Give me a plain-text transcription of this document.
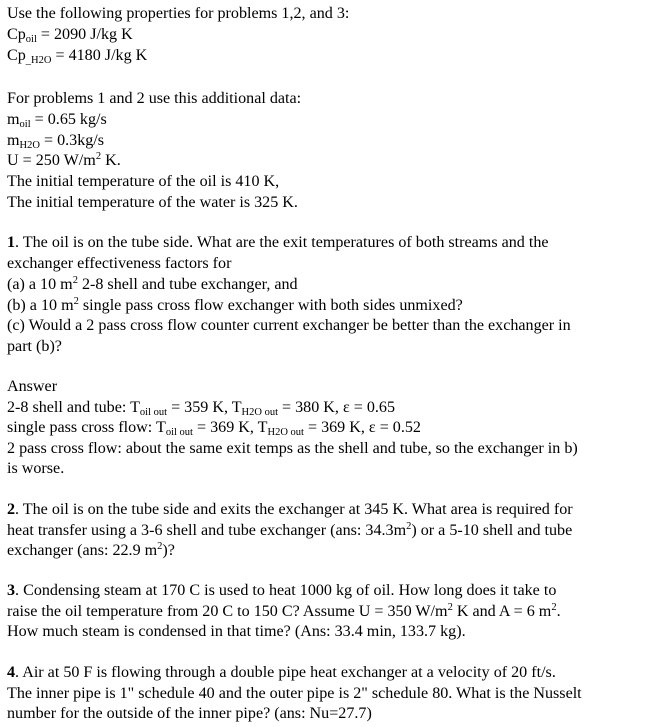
Use the following properties for problems 1,2, and 3:
$Cp_{oil} = 2090$ J/kg K
$Cp_{\_H2O} = 4180$ J/kg K
For problems 1 and 2 use this additional data:
$m_{oil} = 0.65$ kg/s
$m_{H2O} = 0.3kg/s$
U = 250 $W/m^2$ K.
The initial temperature of the oil is 410 K,
The initial temperature of the water is 325 K.
1. The oil is on the tube side. What are the exit temperatures of both streams and the
exchanger effectiveness factors for
(a) a 10 $m^2$ 2-8 shell and tube exchanger, and
(b) a 10 $m^2$ single pass cross flow exchanger with both sides unmixed?
(c) Would a 2 pass cross flow counter current exchanger be better than the exchanger in
part (b)?
Answer
2-8 shell and tube: $T_{oil out} = 359$ K, $T_{H2O out} = 380$ K, ε = 0.65
single pass cross flow: $T_{oil out} = 369$ K, $T_{H2O out} = 369$ K, ε = 0.52
2 pass cross flow: about the same exit temps as the shell and tube, so the exchanger in b)
is worse.
2. The oil is on the tube side and exits the exchanger at 345 K. What area is required for
heat transfer using a 3-6 shell and tube exchanger (ans: $34.3m^2$) or a 5-10 shell and tube
exchanger (ans: 22.9 $m^2$)?
3. Condensing steam at 170 C is used to heat 1000 kg of oil. How long does it take to
raise the oil temperature from 20 C to 150 C? Assume U = 350 $W/m^2$ K and A = 6 $m^2$.
How much steam is condensed in that time? (Ans: 33.4 min, 133.7 kg).
4. Air at 50 F is flowing through a double pipe heat exchanger at a velocity of 20 ft/s.
The inner pipe is 1" schedule 40 and the outer pipe is 2" schedule 80. What is the Nusselt
number for the outside of the inner pipe? (ans: Nu=27.7)
